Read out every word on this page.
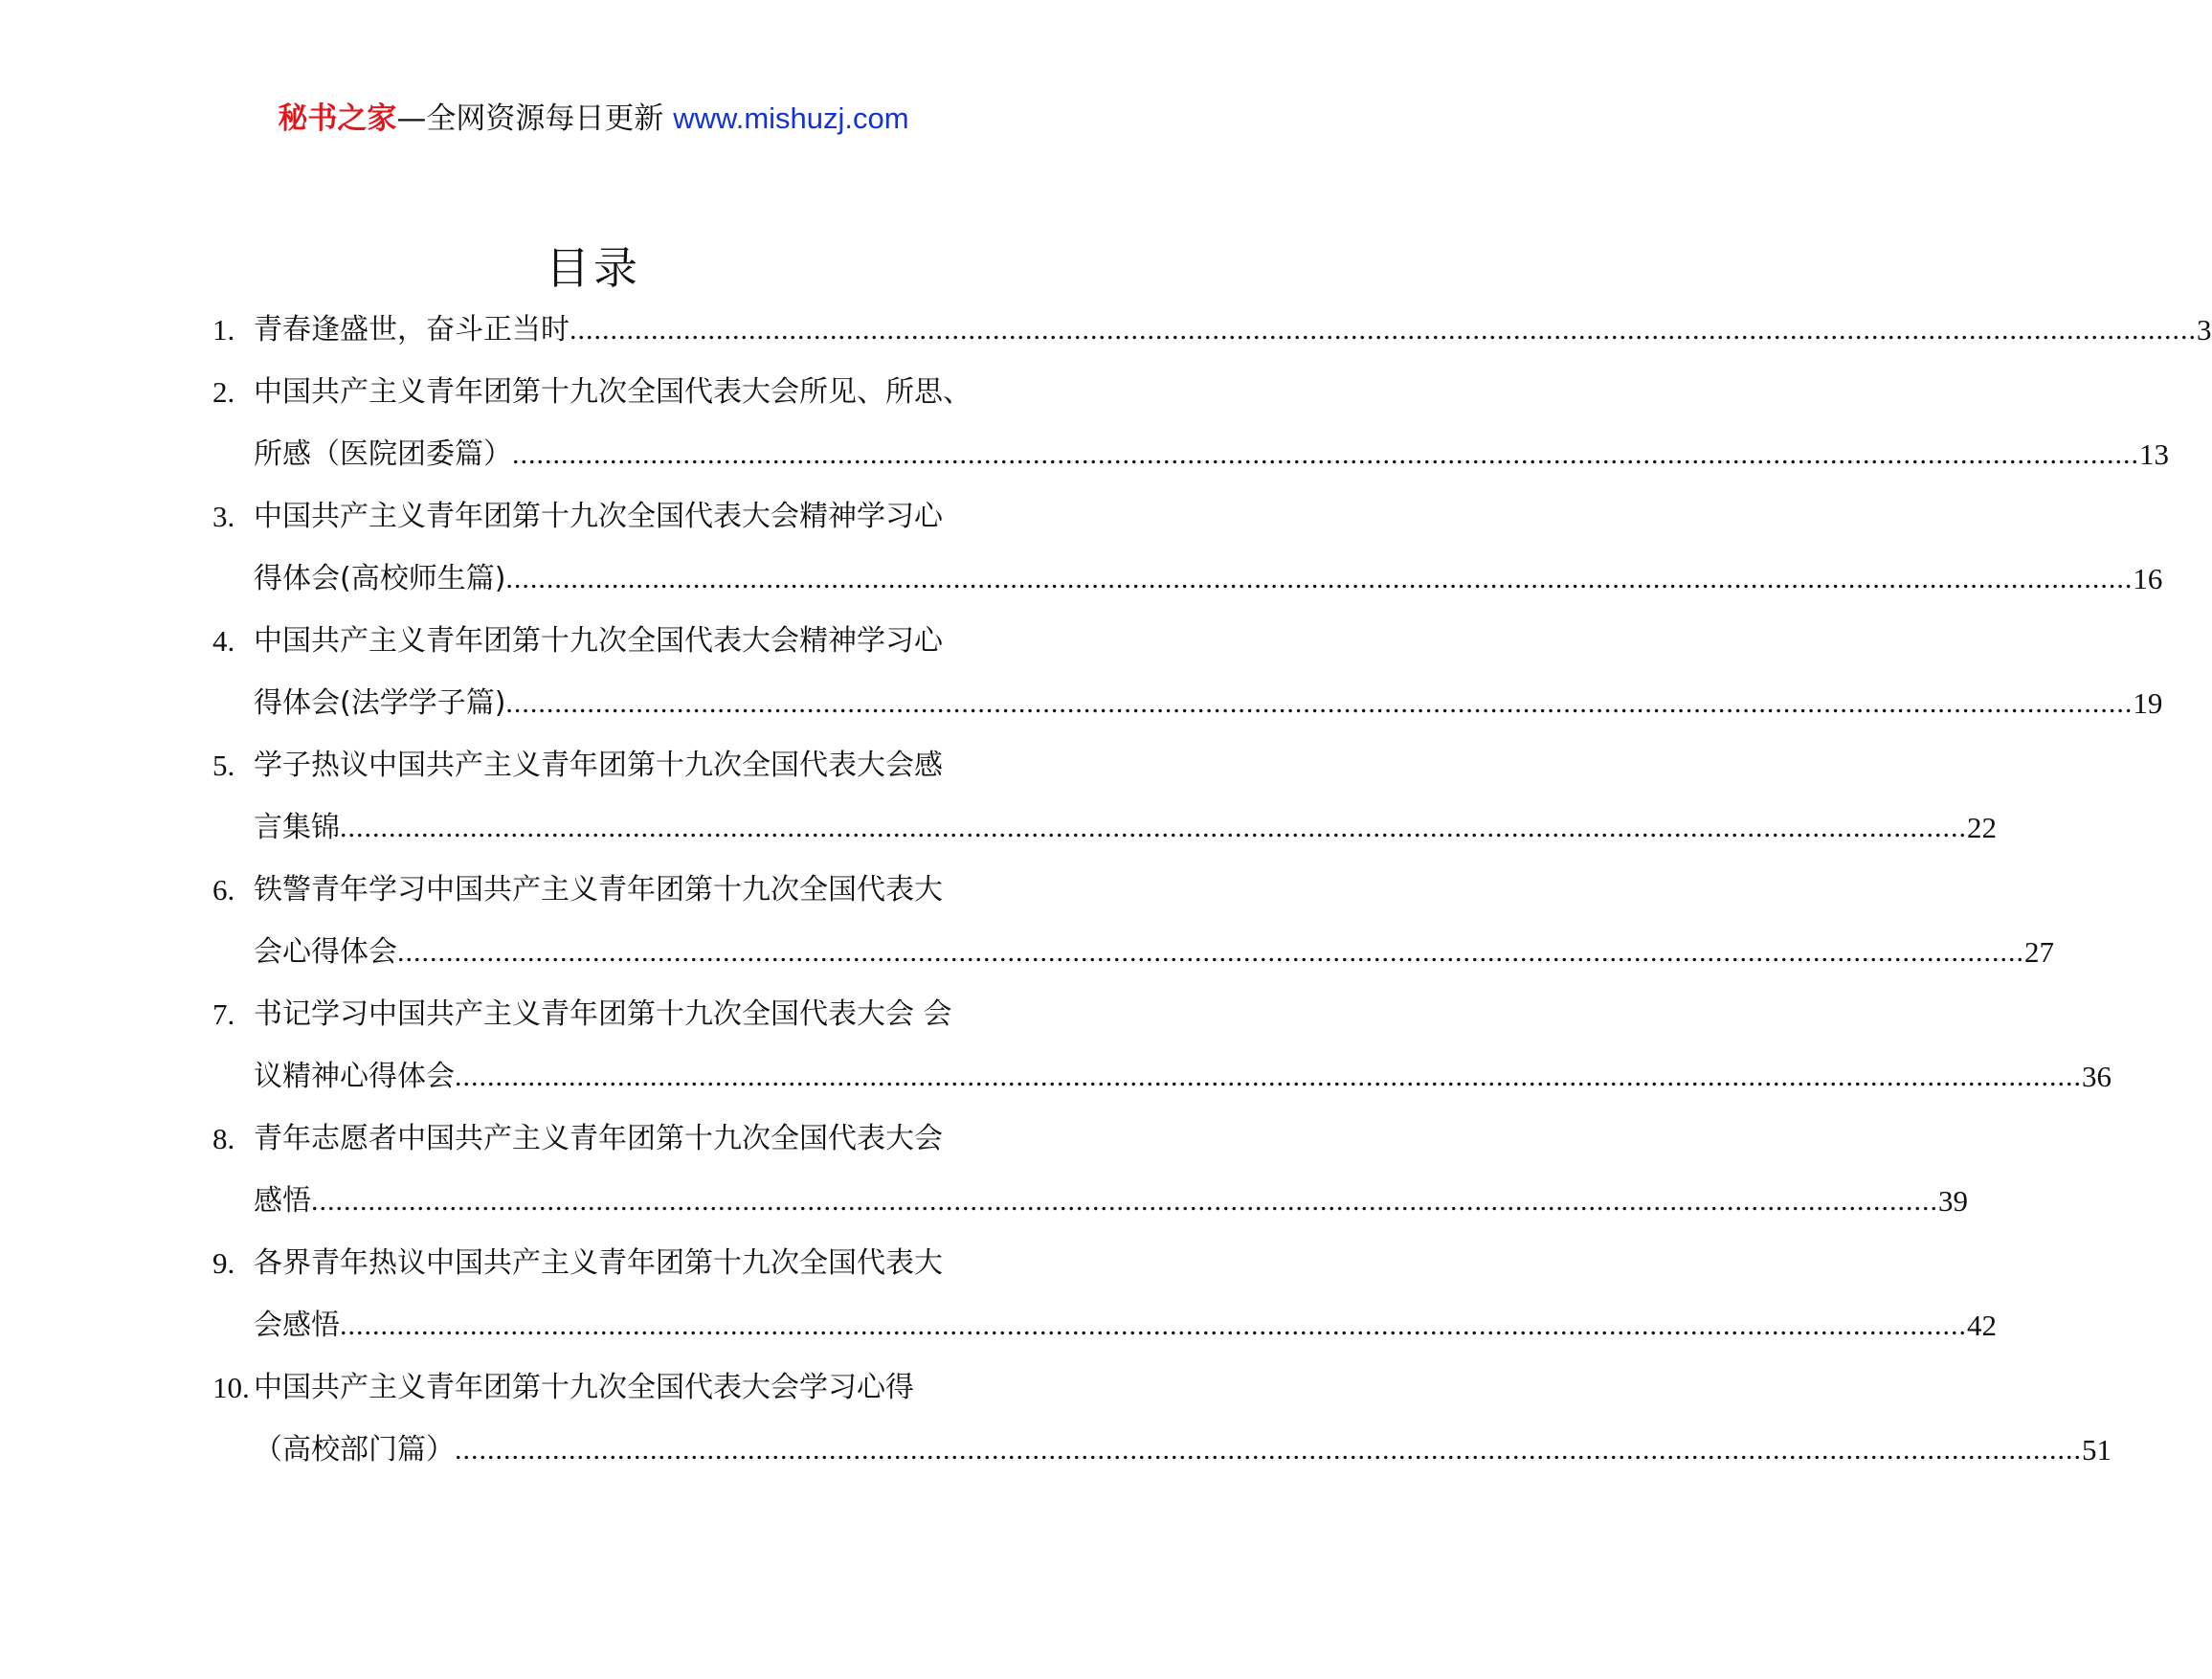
秘书之家—全网资源每日更新 www.mishuzj.com
目录
1. 青春逢盛世，奋斗正当时 ........................................................................................................................................................................................................ 3
2. 中国共产主义青年团第十九次全国代表大会所见、所思、
所感（医院团委篇） ........................................................................................................................................................................................................ 13
3. 中国共产主义青年团第十九次全国代表大会精神学习心
得体会(高校师生篇) ........................................................................................................................................................................................................ 16
4. 中国共产主义青年团第十九次全国代表大会精神学习心
得体会(法学学子篇) ........................................................................................................................................................................................................ 19
5. 学子热议中国共产主义青年团第十九次全国代表大会感
言集锦 ........................................................................................................................................................................................................ 22
6. 铁警青年学习中国共产主义青年团第十九次全国代表大
会心得体会 ........................................................................................................................................................................................................ 27
7. 书记学习中国共产主义青年团第十九次全国代表大会 会
议精神心得体会 ........................................................................................................................................................................................................ 36
8. 青年志愿者中国共产主义青年团第十九次全国代表大会
感悟 ........................................................................................................................................................................................................ 39
9. 各界青年热议中国共产主义青年团第十九次全国代表大
会感悟 ........................................................................................................................................................................................................ 42
10. 中国共产主义青年团第十九次全国代表大会学习心得
（高校部门篇） ........................................................................................................................................................................................................ 51
